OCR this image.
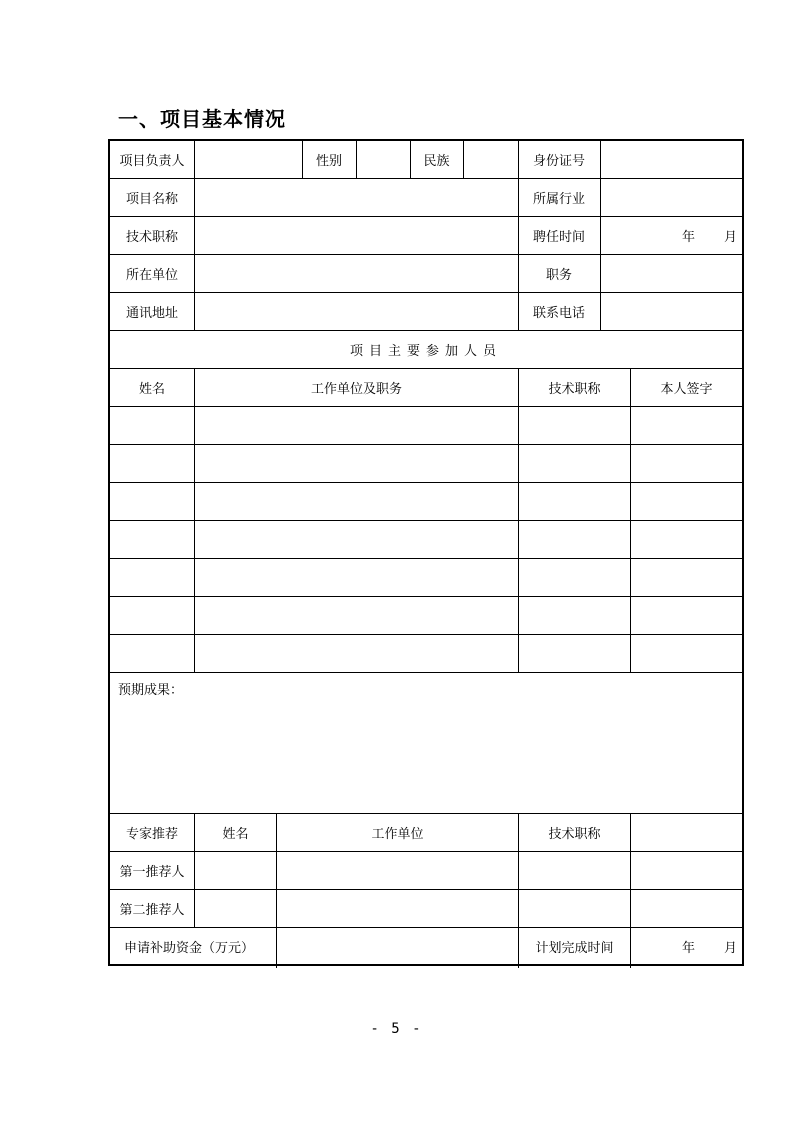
一、项目基本情况
项目负责人	性别	民族	身份证号
项目名称	所属行业
技术职称	聘任时间	年 月
所在单位	职务
通讯地址	联系电话
项目主要参加人员
姓名	工作单位及职务	技术职称	本人签字
预期成果：
专家推荐	姓名	工作单位	技术职称
第一推荐人
第二推荐人
申请补助资金（万元）	计划完成时间	年 月
- 5 -
